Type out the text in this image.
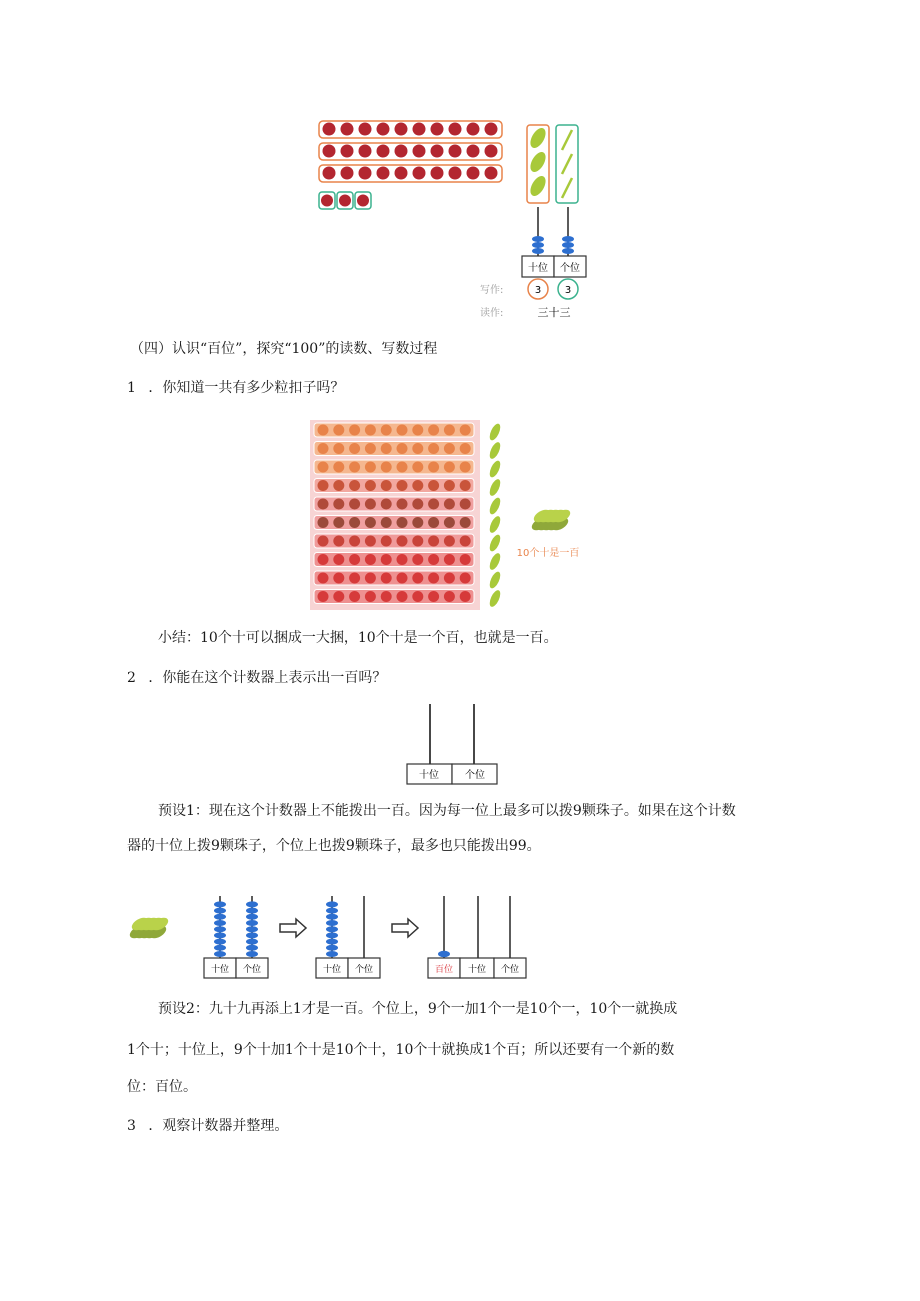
十位 个位
写作:	3 3
读作:	三十三
（四）认识“百位”，探究“100”的读数、写数过程
1 ．你知道一共有多少粒扣子吗？
10个十是一百
小结：10个十可以捆成一大捆，10个十是一个百，也就是一百。
2 ．你能在这个计数器上表示出一百吗？
十位	个位
预设1：现在这个计数器上不能拨出一百。因为每一位上最多可以拨9颗珠子。如果在这个计数
器的十位上拨9颗珠子，个位上也拨9颗珠子，最多也只能拨出99。
十位 个位	十位 个位	百位 十位 个位
预设2：九十九再添上1才是一百。个位上，9个一加1个一是10个一，10个一就换成
1个十；十位上，9个十加1个十是10个十，10个十就换成1个百；所以还要有一个新的数
位：百位。
3 ．观察计数器并整理。
